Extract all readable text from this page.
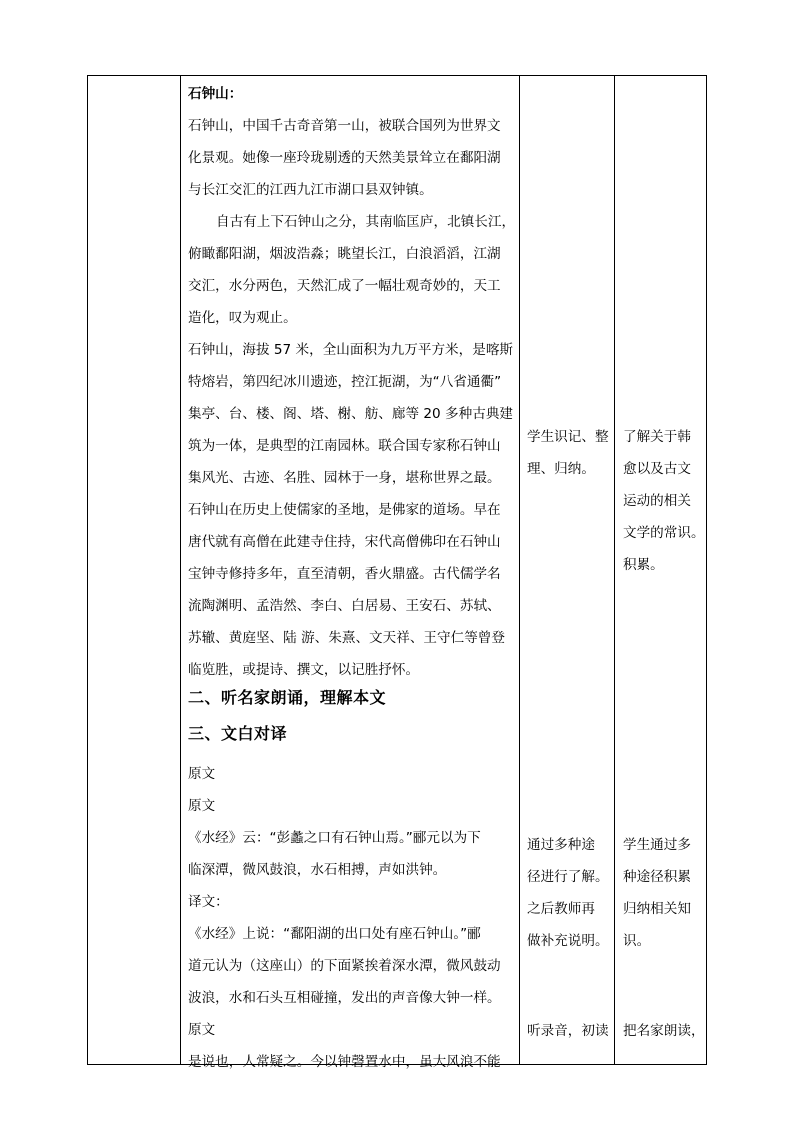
石钟山：
石钟山，中国千古奇音第一山，被联合国列为世界文
化景观。她像一座玲珑剔透的天然美景耸立在鄱阳湖
与长江交汇的江西九江市湖口县双钟镇。
自古有上下石钟山之分，其南临匡庐，北镇长江，
俯瞰鄱阳湖，烟波浩淼；眺望长江，白浪滔滔，江湖
交汇，水分两色，天然汇成了一幅壮观奇妙的，天工
造化，叹为观止。
石钟山，海拔 57 米，全山面积为九万平方米，是喀斯
特熔岩，第四纪冰川遗迹，控江扼湖，为“八省通衢”
集亭、台、楼、阁、塔、榭、舫、廊等 20 多种古典建
筑为一体，是典型的江南园林。联合国专家称石钟山
集风光、古迹、名胜、园林于一身，堪称世界之最。
石钟山在历史上使儒家的圣地，是佛家的道场。早在
唐代就有高僧在此建寺住持，宋代高僧佛印在石钟山
宝钟寺修持多年，直至清朝，香火鼎盛。古代儒学名
流陶渊明、孟浩然、李白、白居易、王安石、苏轼、
苏辙、黄庭坚、陆 游、朱熹、文天祥、王守仁等曾登
临览胜，或提诗、撰文，以记胜抒怀。
二、听名家朗诵，理解本文
三、文白对译
原文
原文
《水经》云：“彭蠡之口有石钟山焉。”郦元以为下
临深潭，微风鼓浪，水石相搏，声如洪钟。
译文：
《水经》上说：“鄱阳湖的出口处有座石钟山。”郦
道元认为（这座山）的下面紧挨着深水潭，微风鼓动
波浪，水和石头互相碰撞，发出的声音像大钟一样。
原文
是说也，人常疑之。今以钟磬置水中，虽大风浪不能
学生识记、整
理、归纳。
通过多种途
径进行了解。
之后教师再
做补充说明。
听录音，初读
了解关于韩
愈以及古文
运动的相关
文学的常识。
积累。
学生通过多
种途径积累
归纳相关知
识。
把名家朗读，
